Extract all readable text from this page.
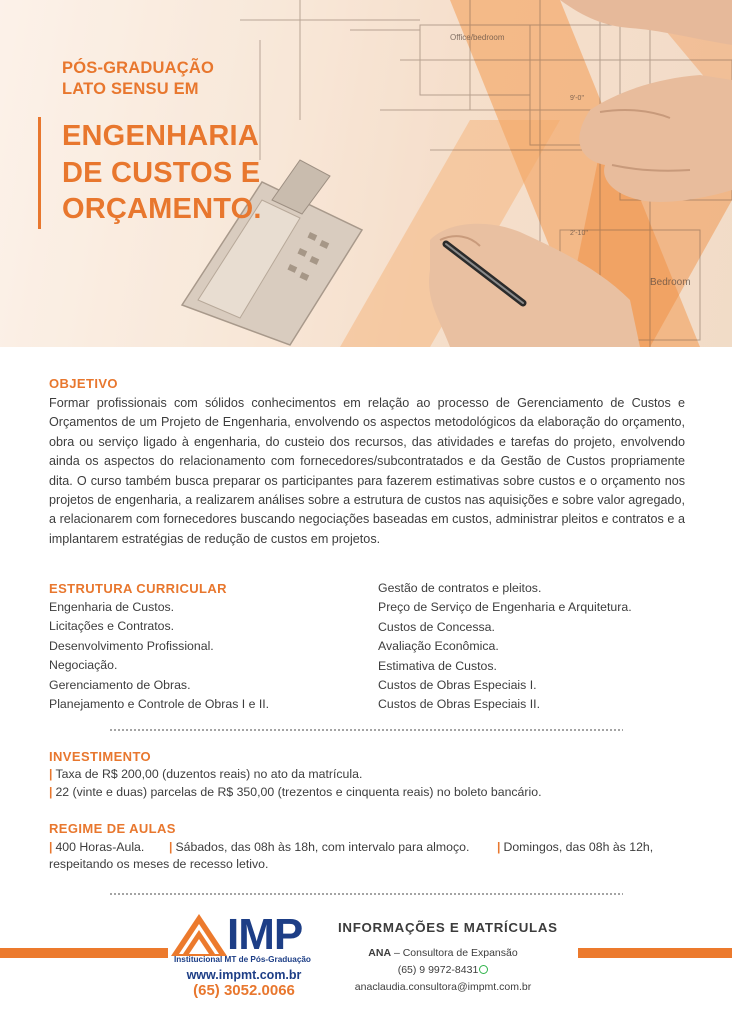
Office/bedroom
Bedroom
9'-0"
2'-10"
PÓS-GRADUAÇÃO
LATO SENSU EM
ENGENHARIA
DE CUSTOS E
ORÇAMENTO.
OBJETIVO

Formar profissionais com sólidos conhecimentos em relação ao processo de Gerenciamento de Custos e Orçamentos de um Projeto de Engenharia, envolvendo os aspectos metodológicos da elaboração do orçamento, obra ou serviço ligado à engenharia, do custeio dos recursos, das atividades e tarefas do projeto, envolvendo ainda os aspectos do relacionamento com fornecedores/subcontratados e da Gestão de Custos propriamente dita. O curso também busca preparar os participantes para fazerem estimativas sobre custos e o orçamento nos projetos de engenharia, a realizarem análises sobre a estrutura de custos nas aquisições e sobre valor agregado, a relacionarem com fornecedores buscando negociações baseadas em custos, administrar pleitos e contratos e a implantarem estratégias de redução de custos em projetos.

ESTRUTURA CURRICULAR
Engenharia de Custos.
Licitações e Contratos.
Desenvolvimento Profissional.
Negociação.
Gerenciamento de Obras.
Planejamento e Controle de Obras I e II.
Gestão de contratos e pleitos.
Preço de Serviço de Engenharia e Arquitetura.
Custos de Concessa.
Avaliação Econômica.
Estimativa de Custos.
Custos de Obras Especiais I.
Custos de Obras Especiais II.
INVESTIMENTO
| Taxa de R$ 200,00 (duzentos reais) no ato da matrícula.
| 22 (vinte e duas) parcelas de R$ 350,00 (trezentos e cinquenta reais) no boleto bancário.
REGIME DE AULAS
| 400 Horas-Aula. | Sábados, das 08h às 18h, com intervalo para almoço. | Domingos, das 08h às 12h,
respeitando os meses de recesso letivo.
IMP
Institucional MT de Pós-Graduação
www.impmt.com.br
(65) 3052.0066
INFORMAÇÕES E MATRÍCULAS
ANA – Consultora de Expansão
(65) 9 9972-8431
anaclaudia.consultora@impmt.com.br
